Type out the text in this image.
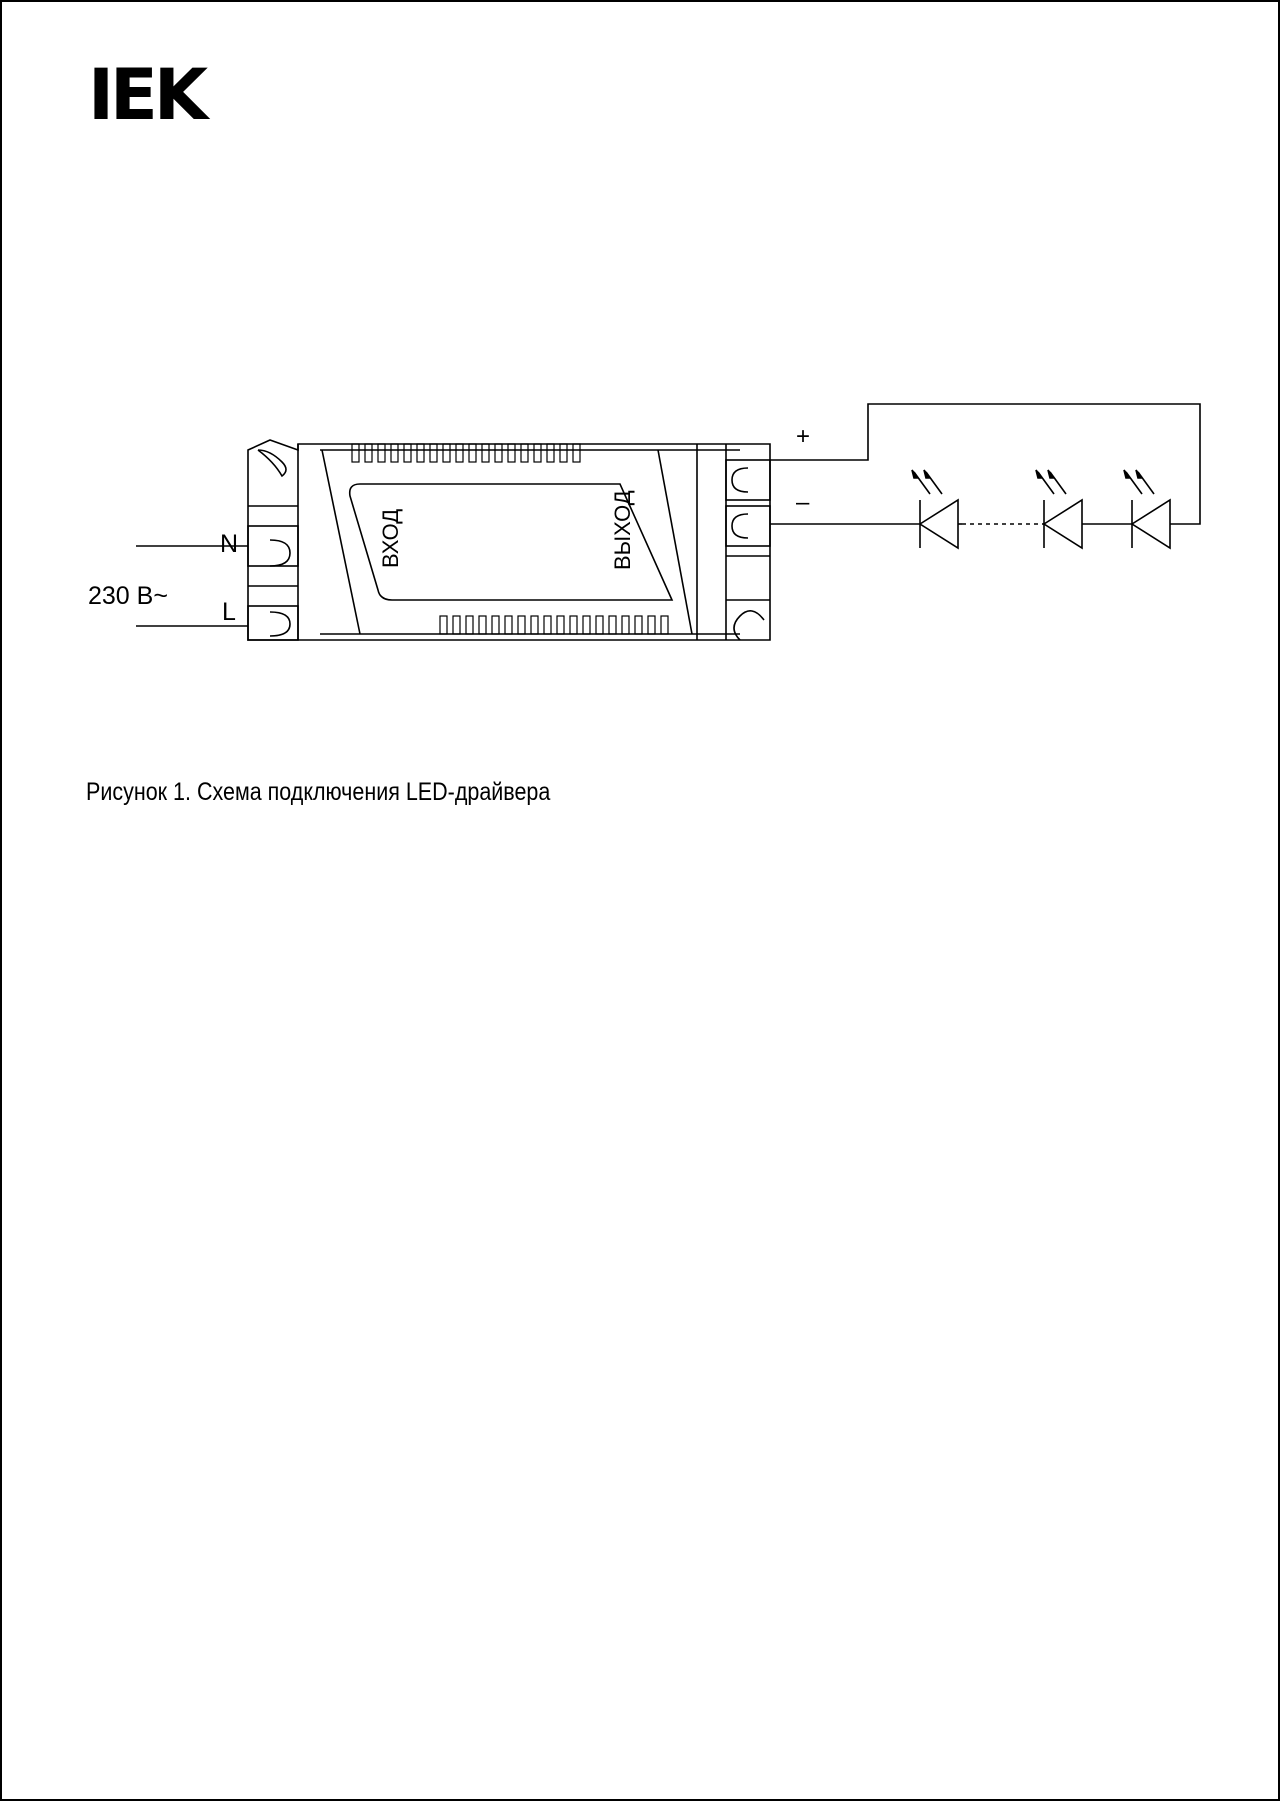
IEK
230 В~
N
L
ВХОД	ВЫХОД
+
–
Рисунок 1. Схема подключения LED-драйвера
